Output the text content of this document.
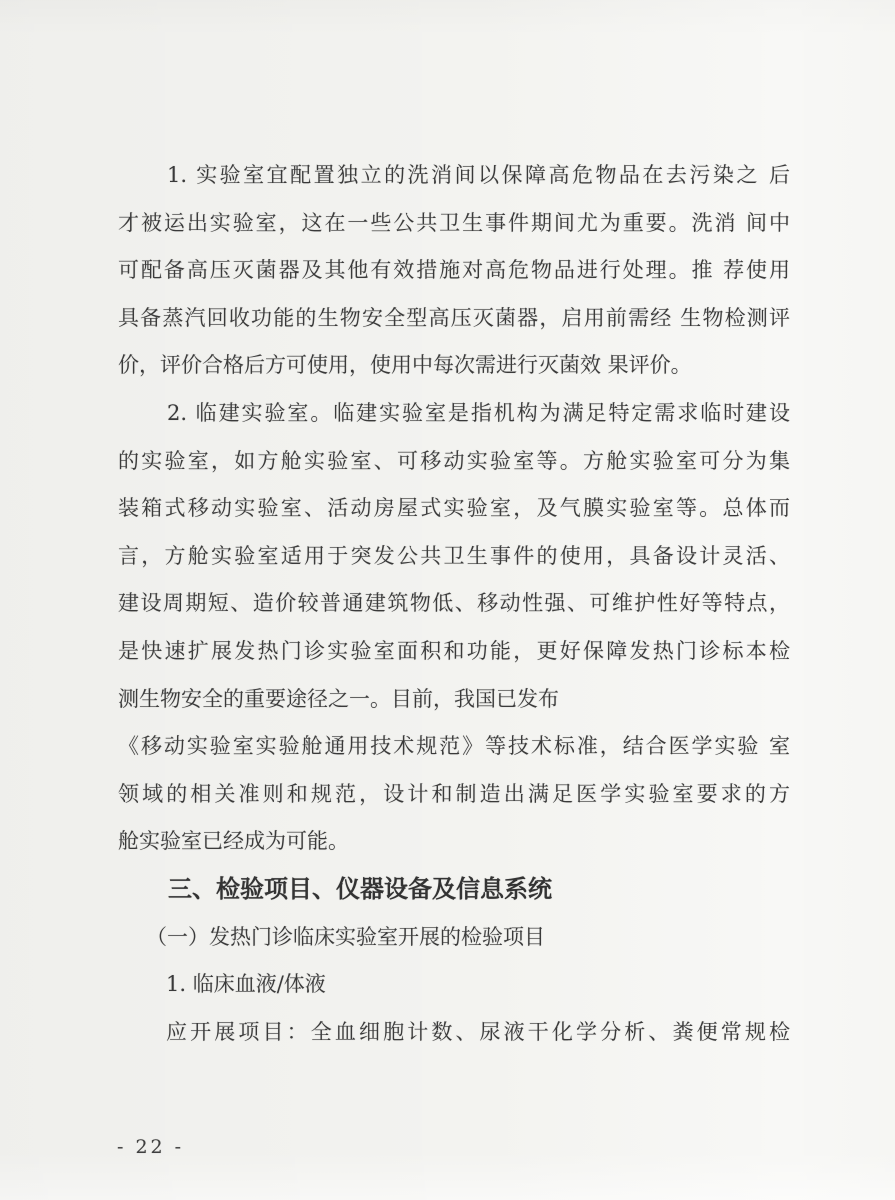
1. 实验室宜配置独立的洗消间以保障高危物品在去污染之 后
才被运出实验室，这在一些公共卫生事件期间尤为重要。洗消 间中
可配备高压灭菌器及其他有效措施对高危物品进行处理。推 荐使用
具备蒸汽回收功能的生物安全型高压灭菌器，启用前需经 生物检测评
价，评价合格后方可使用，使用中每次需进行灭菌效 果评价。
2. 临建实验室。临建实验室是指机构为满足特定需求临时建设
的实验室，如方舱实验室、可移动实验室等。方舱实验室可分为集
装箱式移动实验室、活动房屋式实验室，及气膜实验室等。总体而
言，方舱实验室适用于突发公共卫生事件的使用，具备设计灵活、
建设周期短、造价较普通建筑物低、移动性强、可维护性好等特点，
是快速扩展发热门诊实验室面积和功能，更好保障发热门诊标本检
测生物安全的重要途径之一。目前，我国已发布
《移动实验室实验舱通用技术规范》等技术标准，结合医学实验 室
领域的相关准则和规范，设计和制造出满足医学实验室要求的方
舱实验室已经成为可能。
三、检验项目、仪器设备及信息系统
（一）发热门诊临床实验室开展的检验项目
1. 临床血液/体液
应开展项目：全血细胞计数、尿液干化学分析、粪便常规检
- 22 -
